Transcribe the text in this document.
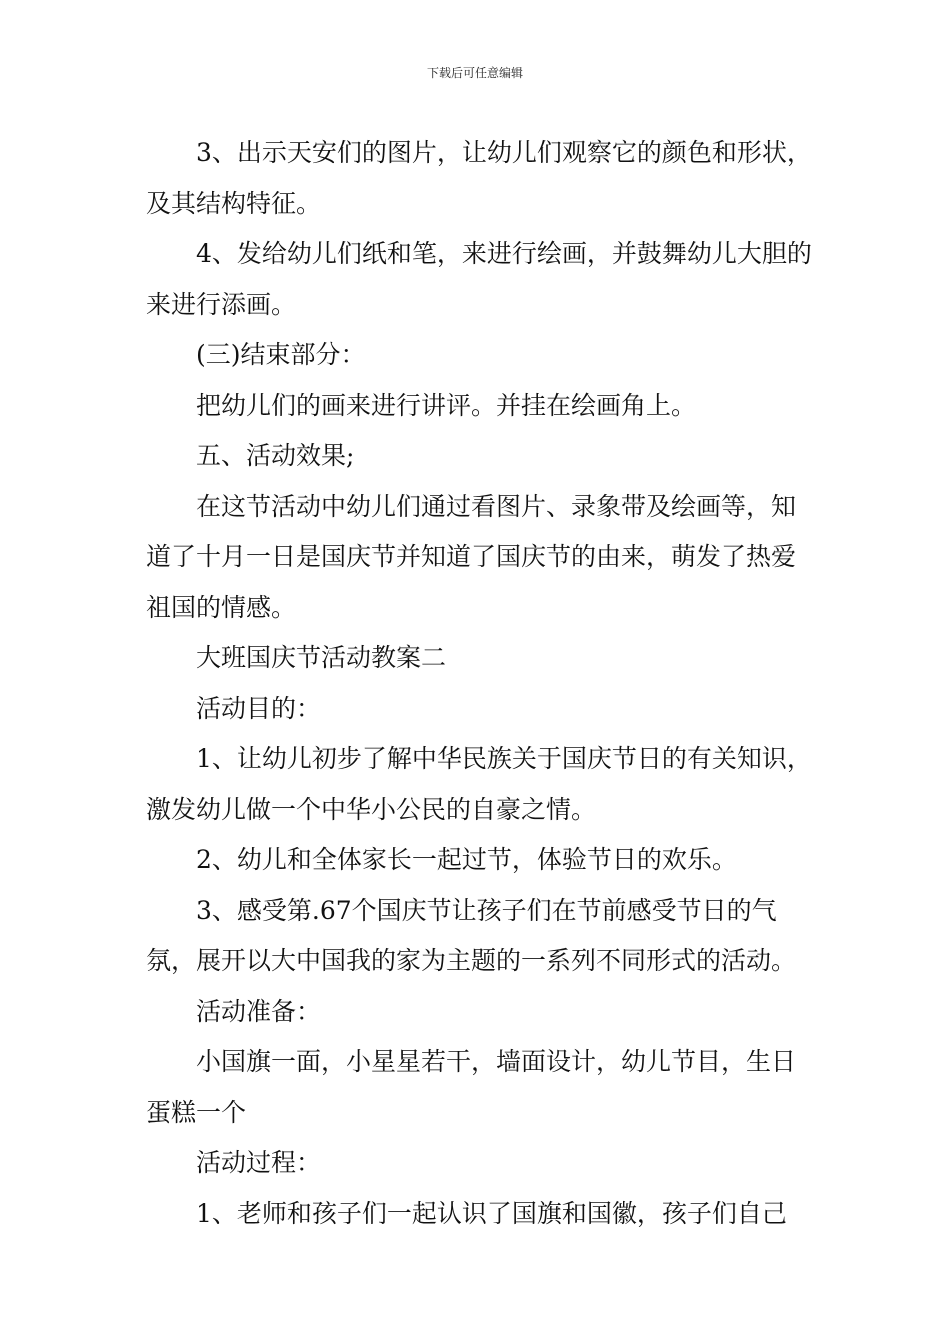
下载后可任意编辑

3、出示天安们的图片，让幼儿们观察它的颜色和形状，及其结构特征。

4、发给幼儿们纸和笔，来进行绘画，并鼓舞幼儿大胆的来进行添画。

(三)结束部分：

把幼儿们的画来进行讲评。并挂在绘画角上。

五、活动效果;

在这节活动中幼儿们通过看图片、录象带及绘画等，知道了十月一日是国庆节并知道了国庆节的由来，萌发了热爱祖国的情感。

大班国庆节活动教案二

活动目的：

1、让幼儿初步了解中华民族关于国庆节日的有关知识，激发幼儿做一个中华小公民的自豪之情。

2、幼儿和全体家长一起过节，体验节日的欢乐。

3、感受第.67个国庆节让孩子们在节前感受节日的气氛，展开以大中国我的家为主题的一系列不同形式的活动。

活动准备：

小国旗一面，小星星若干，墙面设计，幼儿节目，生日蛋糕一个

活动过程：

1、老师和孩子们一起认识了国旗和国徽，孩子们自己
